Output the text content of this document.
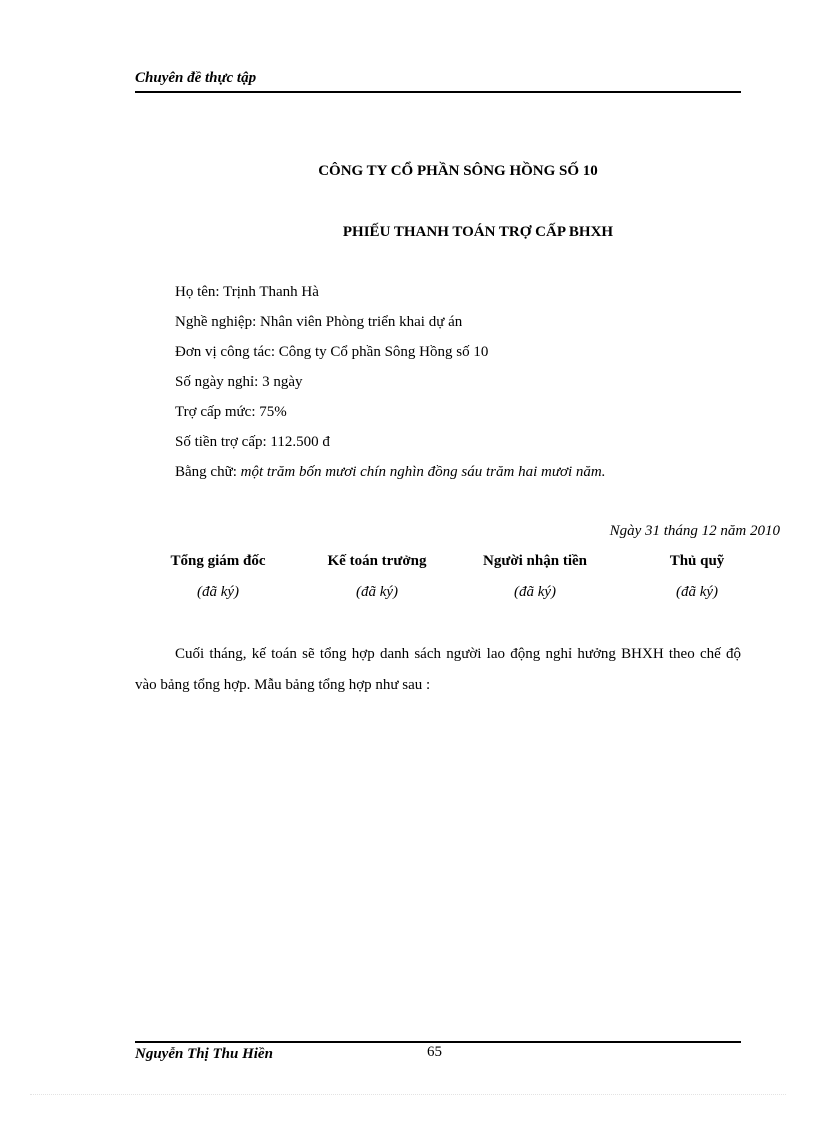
Chuyên đề thực tập
CÔNG TY CỔ PHẦN SÔNG HỒNG SỐ 10
PHIẾU THANH TOÁN TRỢ CẤP BHXH
Họ tên: Trịnh Thanh Hà
Nghề nghiệp: Nhân viên Phòng triển khai dự án
Đơn vị công tác: Công ty Cổ phần Sông Hồng số 10
Số ngày nghỉ: 3 ngày
Trợ cấp mức: 75%
Số tiền trợ cấp: 112.500 đ
Bằng chữ: một trăm bốn mươi chín nghìn đồng sáu trăm hai mươi năm.
Ngày 31 tháng 12 năm 2010
Tổng giám đốc	Kế toán trưởng	Người nhận tiền	Thủ quỹ
(đã ký)	(đã ký)	(đã ký)	(đã ký)
Cuối tháng, kế toán sẽ tổng hợp danh sách người lao động nghỉ hưởng BHXH theo chế độ vào bảng tổng hợp. Mẫu bảng tổng hợp như sau :
Nguyễn Thị Thu Hiền	65
